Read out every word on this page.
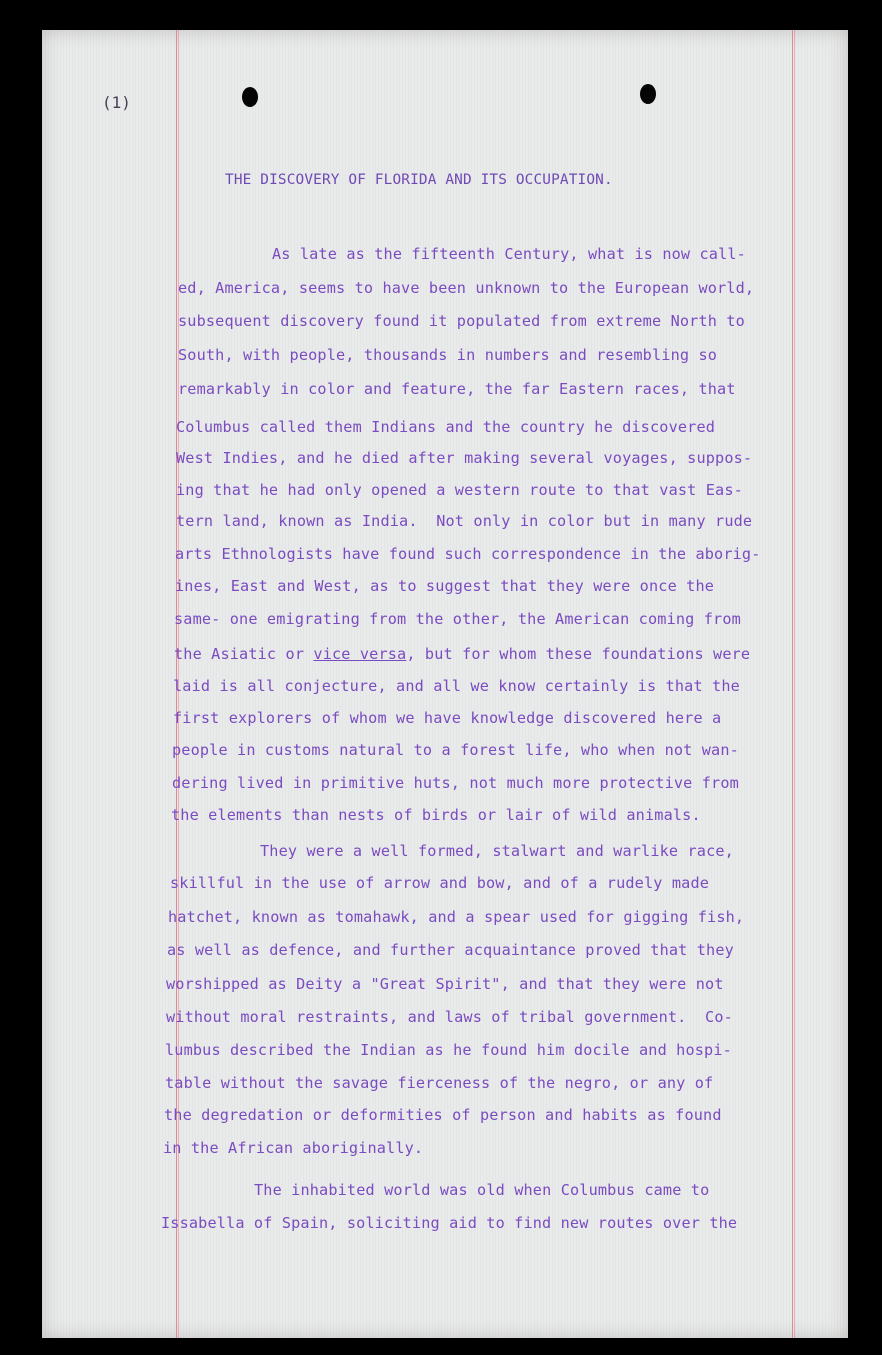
(1)
THE DISCOVERY OF FLORIDA AND ITS OCCUPATION.
As late as the fifteenth Century, what is now call-
ed, America, seems to have been unknown to the European world,
subsequent discovery found it populated from extreme North to
South, with people, thousands in numbers and resembling so
remarkably in color and feature, the far Eastern races, that
Columbus called them Indians and the country he discovered
West Indies, and he died after making several voyages, suppos-
ing that he had only opened a western route to that vast Eas-
tern land, known as India.  Not only in color but in many rude
arts Ethnologists have found such correspondence in the aborig-
ines, East and West, as to suggest that they were once the
same- one emigrating from the other, the American coming from
the Asiatic or vice versa, but for whom these foundations were
laid is all conjecture, and all we know certainly is that the
first explorers of whom we have knowledge discovered here a
people in customs natural to a forest life, who when not wan-
dering lived in primitive huts, not much more protective from
the elements than nests of birds or lair of wild animals.
They were a well formed, stalwart and warlike race,
skillful in the use of arrow and bow, and of a rudely made
hatchet, known as tomahawk, and a spear used for gigging fish,
as well as defence, and further acquaintance proved that they
worshipped as Deity a "Great Spirit", and that they were not
without moral restraints, and laws of tribal government.  Co-
lumbus described the Indian as he found him docile and hospi-
table without the savage fierceness of the negro, or any of
the degredation or deformities of person and habits as found
in the African aboriginally.
The inhabited world was old when Columbus came to
Issabella of Spain, soliciting aid to find new routes over the
